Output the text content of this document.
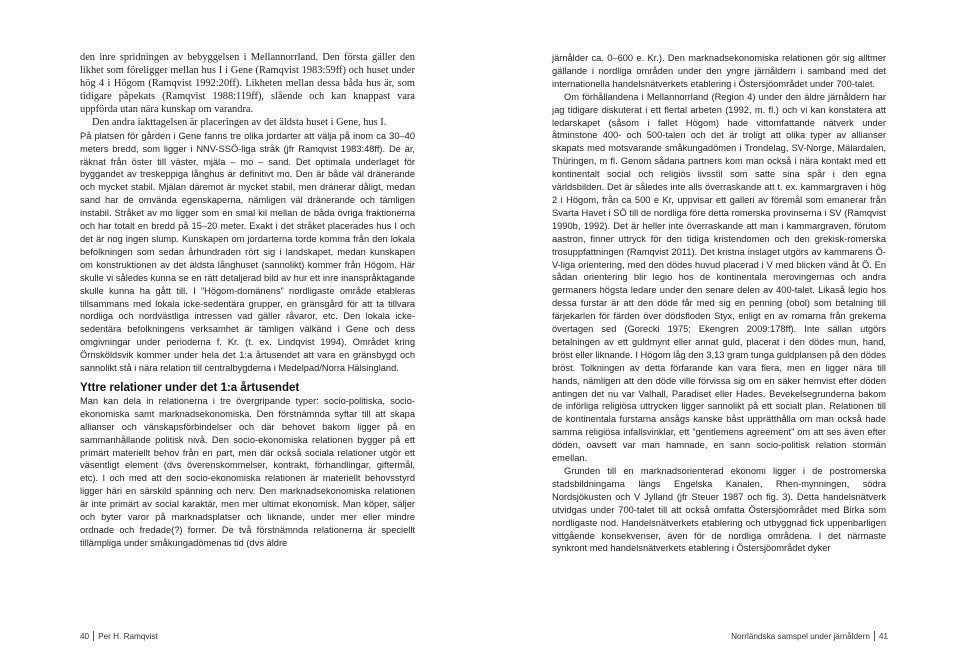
den inre spridningen av bebyggelsen i Mellannorrland. Den första gäller den likhet som föreligger mellan hus I i Gene (Ramqvist 1983:59ff) och huset under hög 4 i Högom (Ramqvist 1992:20ff). Likheten mellan dessa båda hus är, som tidigare påpekats (Ramqvist 1988:119ff), slående och kan knappast vara uppförda utan nära kunskap om varandra.

Den andra iakttagelsen är placeringen av det äldsta huset i Gene, hus I.

På platsen för gården i Gene fanns tre olika jordarter att välja på inom ca 30–40 meters bredd, som ligger i NNV-SSÖ-liga stråk (jfr Ramqvist 1983:48ff). De är, räknat från öster till väster, mjäla – mo – sand. Det optimala underlaget för byggandet av treskeppiga långhus är definitivt mo. Den är både väl dränerande och mycket stabil. Mjälan däremot är mycket stabil, men dränerar dåligt, medan sand har de omvända egenskaperna, nämligen väl dränerande och tämligen instabil. Stråket av mo ligger som en smal kil mellan de båda övriga fraktionerna och har totalt en bredd på 15–20 meter. Exakt i det stråket placerades hus I och det är nog ingen slump. Kunskapen om jordarterna torde komma från den lokala befolkningen som sedan århundraden rört sig i landskapet, medan kunskapen om konstruktionen av det äldsta långhuset (sannolikt) kommer från Högom. Här skulle vi således kunna se en rätt detaljerad bild av hur ett inre inanspråktagande skulle kunna ha gått till. I ”Högom-domänens” nordligaste område etableras tillsammans med lokala icke-sedentära grupper, en gränsgård för att ta tillvara nordliga och nordvästliga intressen vad gäller råvaror, etc. Den lokala icke-sedentära befolkningens verksamhet är tämligen välkänd i Gene och dess omgivningar under perioderna f. Kr. (t. ex. Lindqvist 1994). Området kring Örnsköldsvik kommer under hela det 1:a årtusendet att vara en gränsbygd och sannolikt stå i nära relation till centralbygderna i Medelpad/Norra Hälsingland.

Yttre relationer under det 1:a årtusendet

Man kan dela in relationerna i tre övergripande typer: socio-politiska, socio-ekonomiska samt marknadsekonomiska. Den förstnämnda syftar till att skapa allianser och vänskapsförbindelser och där behovet bakom ligger på en sammanhållande politisk nivå. Den socio-ekonomiska relationen bygger på ett primärt materiellt behov från en part, men där också sociala relationer utgör ett väsentligt element (dvs överenskommelser, kontrakt, förhandlingar, giftermål, etc). I och med att den socio-ekonomiska relationen är materiellt behovsstyrd ligger häri en särskild spänning och nerv. Den marknadsekonomiska relationen är inte primärt av social karaktär, men mer ultimat ekonomisk. Man köper, säljer och byter varor på marknadsplatser och liknande, under mer eller mindre ordnade och fredade(?) former. De två förstnämnda relationerna är speciellt tillämpliga under småkungadömenas tid (dvs äldre

40 Per H. Ramqvist

järnålder ca. 0–600 e. Kr.). Den marknadsekonomiska relationen gör sig alltmer gällande i nordliga områden under den yngre järnåldern i samband med det internationella handelsnätverkets etablering i Östersjöområdet under 700-talet.

Om förhållandena i Mellannorrland (Region 4) under den äldre järnåldern har jag tidigare diskuterat i ett flertal arbeten (1992, m. fl.) och vi kan konstatera att ledarskapet (såsom i fallet Högom) hade vittomfattande nätverk under åtminstone 400- och 500-talen och det är troligt att olika typer av allianser skapats med motsvarande småkungadömen i Trondelag, SV-Norge, Mälardalen, Thüringen, m fl. Genom sådana partners kom man också i nära kontakt med ett kontinentalt social och religiös livsstil som satte sina spår i den egna världsbilden. Det är således inte alls överraskande att t. ex. kammargraven i hög 2 i Högom, från ca 500 e Kr, uppvisar ett galleri av föremål som emanerar från Svarta Havet i SÖ till de nordliga före detta romerska provinserna i SV (Ramqvist 1990b, 1992). Det är heller inte överraskande att man i kammargraven, förutom aastron, finner uttryck för den tidiga kristendomen och den grekisk-romerska trosuppfattningen (Ramqvist 2011). Det kristna inslaget utgörs av kammarens Ö-V-liga orientering, med den dödes huvud placerad i V med blicken vänd åt Ö. En sådan orientering blir legio hos de kontinentala merovingernas och andra germaners högsta ledare under den senare delen av 400-talet. Likaså legio hos dessa furstar är att den döde får med sig en penning (obol) som betalning till färjekarlen för färden över dödsfloden Styx, enligt en av romarna från grekerna övertagen sed (Gorecki 1975; Ekengren 2009:178ff). Inte sällan utgörs betalningen av ett guldmynt eller annat guld, placerat i den dödes mun, hand, bröst eller liknande. I Högom låg den 3,13 gram tunga guldplansen på den dödes bröst. Tolkningen av detta förfarande kan vara flera, men en ligger nära till hands, nämligen att den döde ville förvissa sig om en säker hemvist efter döden antingen det nu var Valhall, Paradiset eller Hades. Bevekelsegrunderna bakom de införliga religiösa uttrycken ligger sannolikt på ett socialt plan. Relationen till de kontinentala furstarna ansågs kanske båst upprätthålla om man också hade samma religiösa infallsvinklar, ett ”gentlemens agreement” om att ses även efter döden, oavsett var man hamnade, en sann socio-politisk relation stormän emellan.

Grunden till en marknadsorienterad ekonomi ligger i de postromerska stadsbildningarna längs Engelska Kanalen, Rhen-mynningen, södra Nordsjökusten och V Jylland (jfr Steuer 1987 och fig. 3). Detta handelsnätverk utvidgas under 700-talet till att också omfatta Östersjöområdet med Birka som nordligaste nod. Handelsnätverkets etablering och utbyggnad fick uppenbarligen vittgående konsekvenser, även för de nordliga områdena. I det närmaste synkront med handelsnätverkets etablering i Östersjöområdet dyker

Norrländska samspel under järnåldern 41
